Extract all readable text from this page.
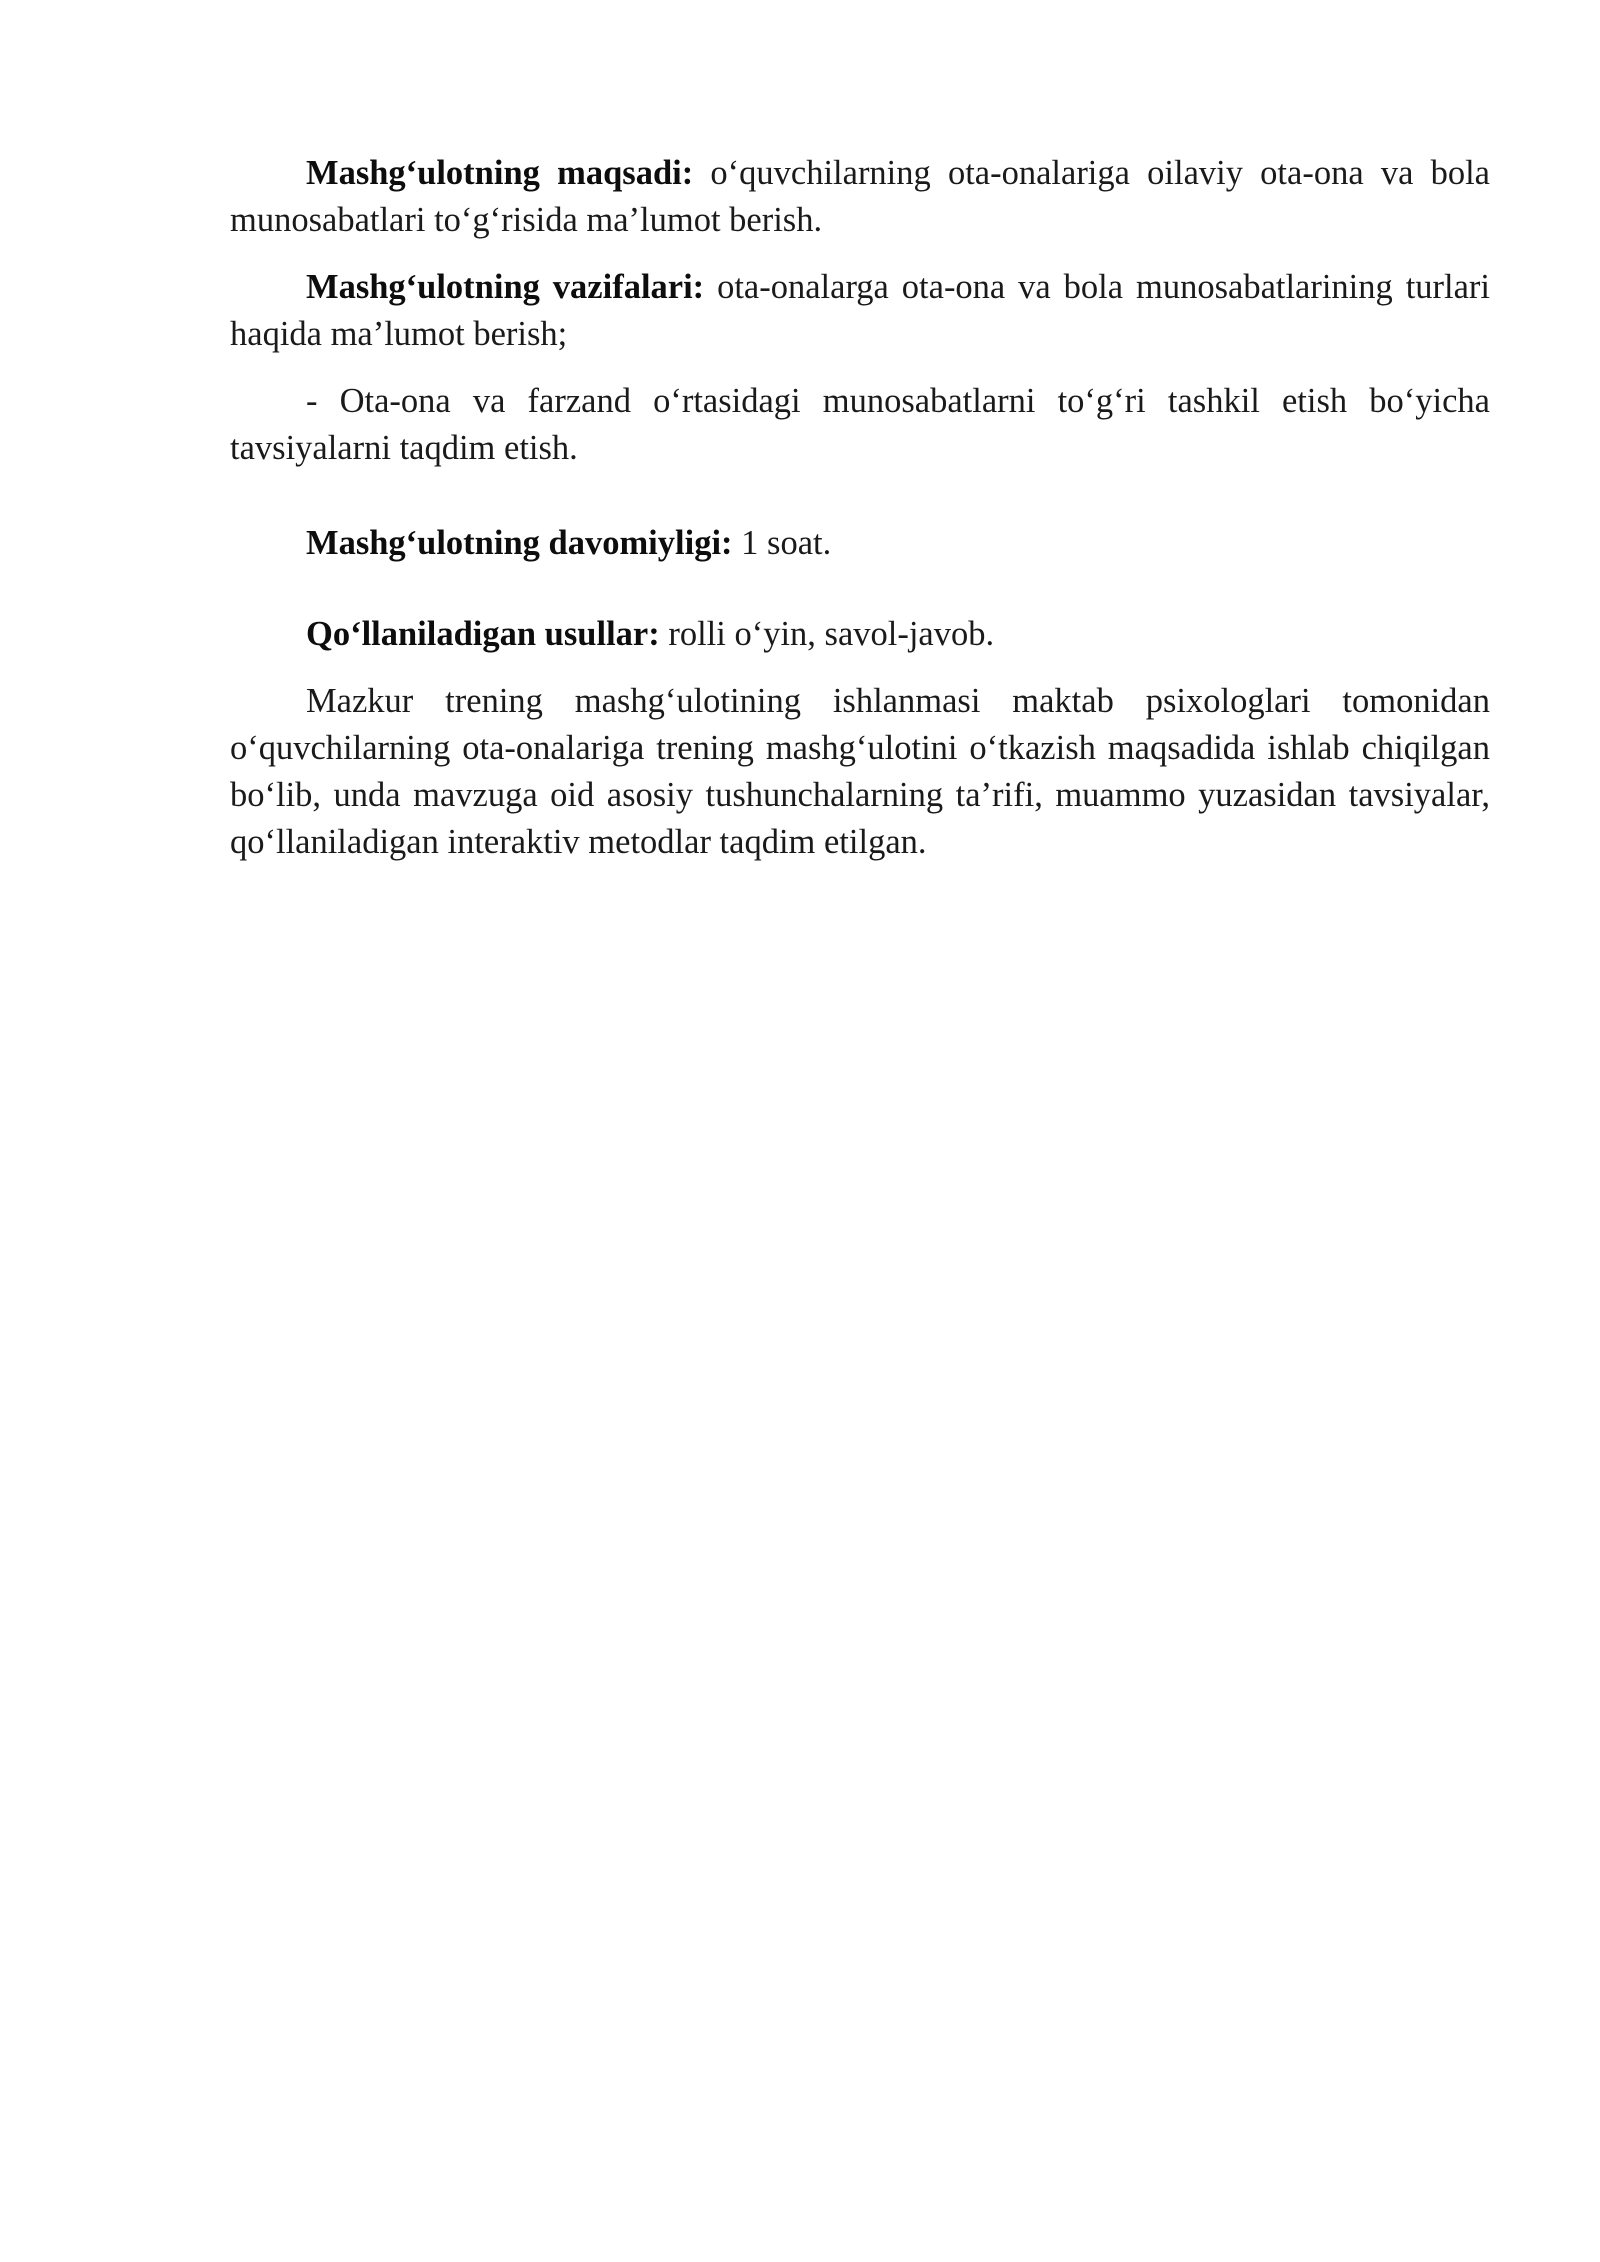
Mashg‘ulotning maqsadi: o‘quvchilarning ota-onalariga oilaviy ota-ona va bola munosabatlari to‘g‘risida ma’lumot berish.

Mashg‘ulotning vazifalari: ota-onalarga ota-ona va bola munosabatlarining turlari haqida ma’lumot berish;

- Ota-ona va farzand o‘rtasidagi munosabatlarni to‘g‘ri tashkil etish bo‘yicha tavsiyalarni taqdim etish.

Mashg‘ulotning davomiyligi: 1 soat.

Qo‘llaniladigan usullar: rolli o‘yin, savol-javob.

Mazkur trening mashg‘ulotining ishlanmasi maktab psixologlari tomonidan o‘quvchilarning ota-onalariga trening mashg‘ulotini o‘tkazish maqsadida ishlab chiqilgan bo‘lib, unda mavzuga oid asosiy tushunchalarning ta’rifi, muammo yuzasidan tavsiyalar, qo‘llaniladigan interaktiv metodlar taqdim etilgan.
